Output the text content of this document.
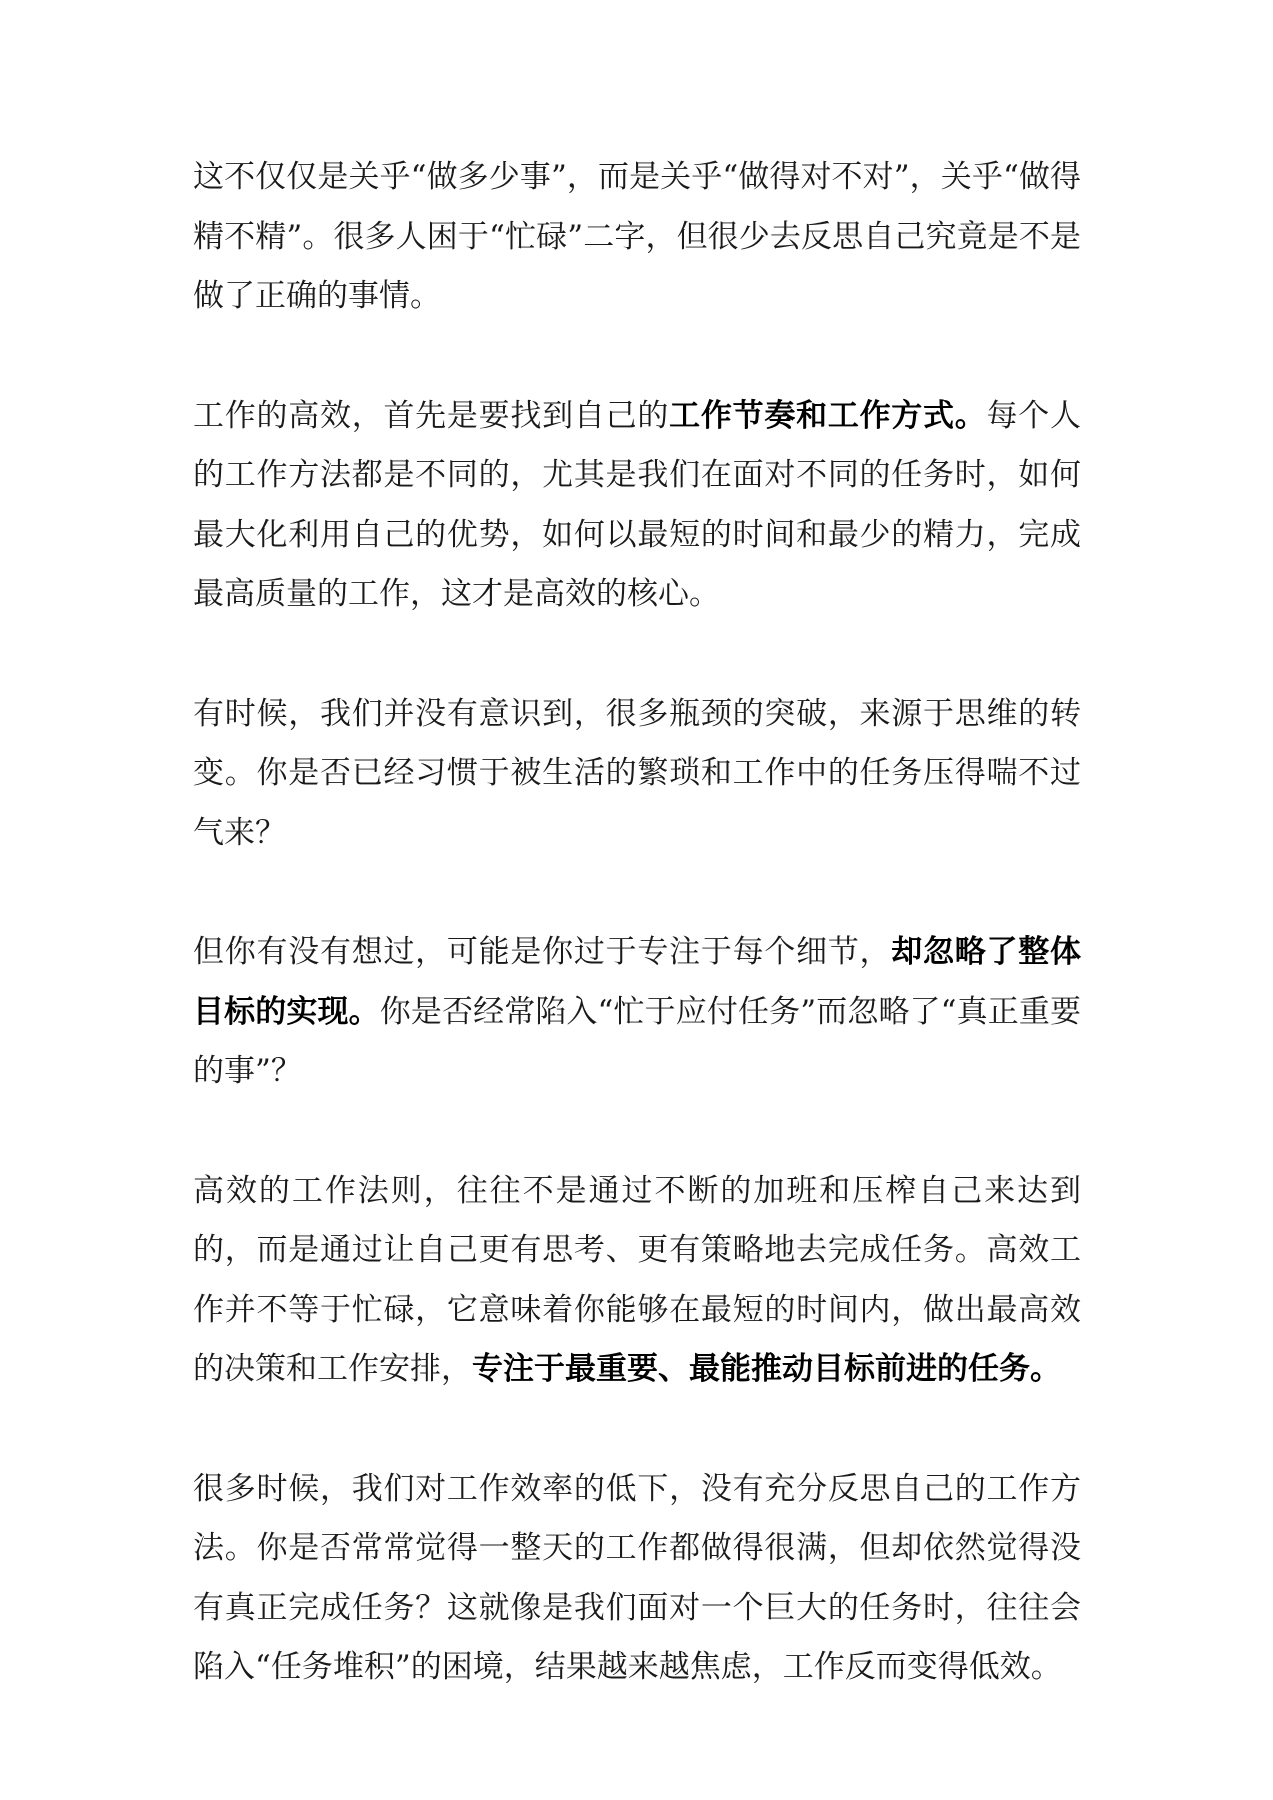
这不仅仅是关乎“做多少事”，而是关乎“做得对不对”，关乎“做得精不精”。很多人困于“忙碌”二字，但很少去反思自己究竟是不是做了正确的事情。

工作的高效，首先是要找到自己的工作节奏和工作方式。每个人的工作方法都是不同的，尤其是我们在面对不同的任务时，如何最大化利用自己的优势，如何以最短的时间和最少的精力，完成最高质量的工作，这才是高效的核心。

有时候，我们并没有意识到，很多瓶颈的突破，来源于思维的转变。你是否已经习惯于被生活的繁琐和工作中的任务压得喘不过气来？

但你有没有想过，可能是你过于专注于每个细节，却忽略了整体目标的实现。你是否经常陷入“忙于应付任务”而忽略了“真正重要的事”？

高效的工作法则，往往不是通过不断的加班和压榨自己来达到的，而是通过让自己更有思考、更有策略地去完成任务。高效工作并不等于忙碌，它意味着你能够在最短的时间内，做出最高效的决策和工作安排，专注于最重要、最能推动目标前进的任务。

很多时候，我们对工作效率的低下，没有充分反思自己的工作方法。你是否常常觉得一整天的工作都做得很满，但却依然觉得没有真正完成任务？这就像是我们面对一个巨大的任务时，往往会陷入“任务堆积”的困境，结果越来越焦虑，工作反而变得低效。
